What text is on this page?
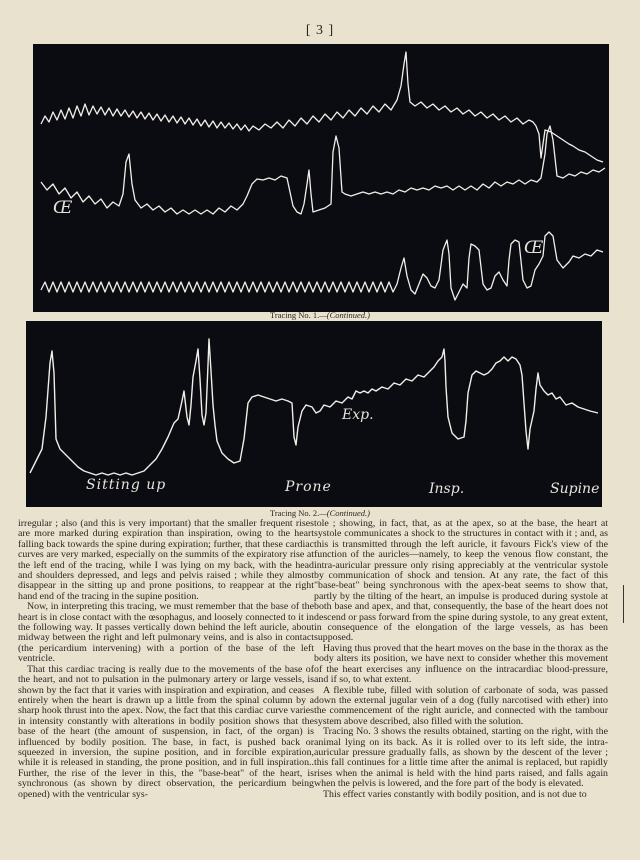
[ 3 ]
Œ
Œ
Tracing No. 1.—(Continued.)
Sitting up	Prone
Exp.
Insp.	Supine
Tracing No. 2.—(Continued.)

irregular ; also (and this is very important) that the smaller frequent rises are more marked during expiration than inspiration, owing to the heart falling back towards the spine during expiration; further, that these cardiac curves are very marked, especially on the summits of the expiratory rise at the left end of the tracing, while I was lying on my back, with the head and shoulders depressed, and legs and pelvis raised ; while they almost disappear in the sitting up and prone positions, to reappear at the right hand end of the tracing in the supine position.

Now, in interpreting this tracing, we must remember that the base of the heart is in close contact with the œsophagus, and loosely connected to it in the following way. It passes vertically down behind the left auricle, about midway between the right and left pulmonary veins, and is also in contact (the pericardium intervening) with a portion of the base of the left ventricle.

That this cardiac tracing is really due to the movements of the base of the heart, and not to pulsation in the pulmonary artery or large vessels, is shown by the fact that it varies with inspiration and expiration, and ceases entirely when the heart is drawn up a little from the spinal column by a sharp hook thrust into the apex. Now, the fact that this cardiac curve varies in intensity constantly with alterations in bodily position shows that the base of the heart (the amount of suspension, in fact, of the organ) is influenced by bodily position. The base, in fact, is pushed back or squeezed in inversion, the supine position, and in forcible expiration, while it is released in standing, the prone position, and in full inspiration.. Further, the rise of the lever in this, the "base-beat" of the heart, is synchronous (as shown by direct observation, the pericardium being opened) with the ventricular sys-

tole ; showing, in fact, that, as at the apex, so at the base, the heart at systole communicates a shock to the structures in contact with it ; and, as this is transmitted through the left auricle, it favours Fick's view of the function of the auricles—namely, to keep the venous flow constant, the intra-auricular pressure only rising appreciably at the ventricular systole by communication of shock and tension. At any rate, the fact of this "base-beat" being synchronous with the apex-beat seems to show that, partly by the tilting of the heart, an impulse is produced during systole at both base and apex, and that, consequently, the base of the heart does not descend or pass forward from the spine during systole, to any great extent, in consequence of the elongation of the large vessels, as has been supposed.

Having thus proved that the heart moves on the base in the thorax as the body alters its position, we have next to consider whether this movement of the heart exercises any influence on the intracardiac blood-pressure, and if so, to what extent.

A flexible tube, filled with solution of carbonate of soda, was passed down the external jugular vein of a dog (fully narcotised with ether) into the commencement of the right auricle, and connected with the tambour system above described, also filled with the solution.

Tracing No. 3 shows the results obtained, starting on the right, with the animal lying on its back. As it is rolled over to its left side, the intra-auricular pressure gradually falls, as shown by the descent of the lever ; this fall continues for a little time after the animal is replaced, but rapidly rises when the animal is held with the hind parts raised, and falls again when the pelvis is lowered, and the fore part of the body is elevated.

This effect varies constantly with bodily position, and is not due to
